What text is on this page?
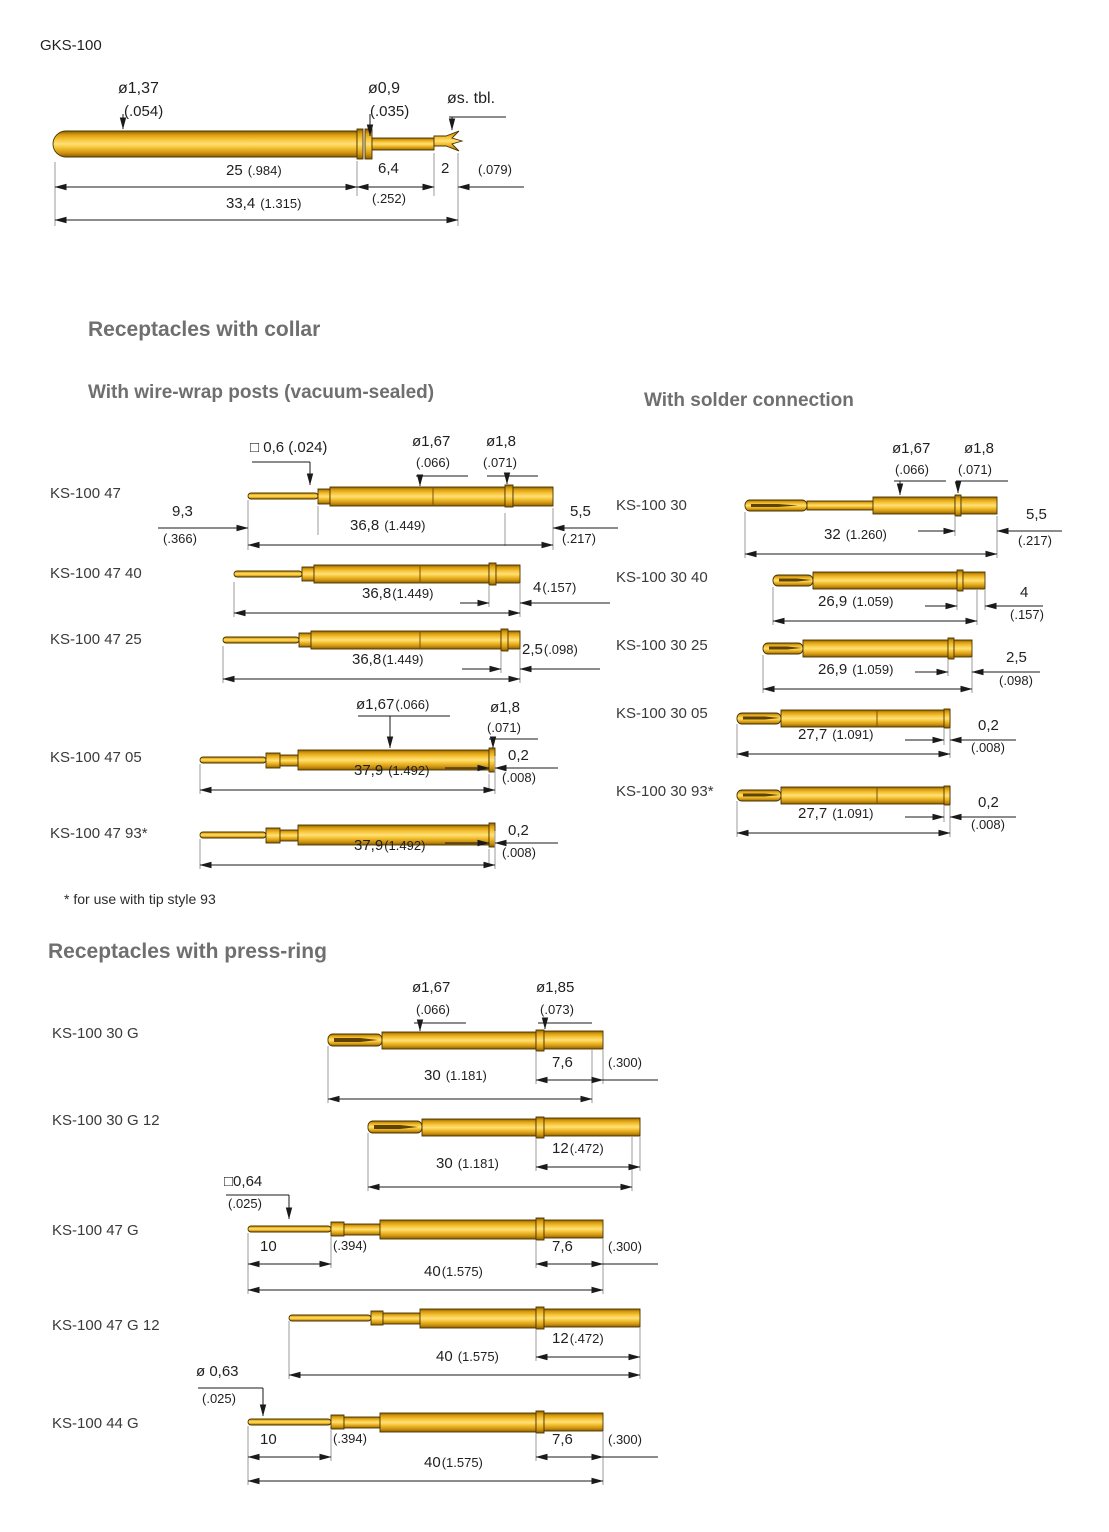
GKS-100
ø1,37
(.054)
ø0,9
(.035)
øs. tbl.
25 (.984)	6,4
(.252)
2 (.079)
33,4 (1.315)
Receptacles with collar
With wire-wrap posts (vacuum-sealed)	With solder connection
KS-100 47
□ 0,6 (.024)	ø1,67
(.066)
ø1,8
(.071)
9,3
(.366)
36,8 (1.449)
5,5
(.217)
KS-100 47 40
36,8(1.449)	4(.157)
KS-100 47 25
36,8(1.449)
2,5(.098)
KS-100 47 05
ø1,67(.066)	ø1,8
(.071)
37,9 (1.492)
0,2
(.008)
KS-100 47 93*
37,9(1.492)
0,2
(.008)
* for use with tip style 93
KS-100 30
ø1,67
(.066)
ø1,8
(.071)
32 (1.260)
5,5
(.217)
KS-100 30 40
26,9 (1.059)
4
(.157)
KS-100 30 25
26,9 (1.059)
2,5
(.098)
KS-100 30 05
27,7 (1.091)
0,2
(.008)
KS-100 30 93*
27,7 (1.091)
0,2
(.008)
Receptacles with press-ring
KS-100 30 G
ø1,67
(.066)
ø1,85
(.073)
7,6	(.300)
30 (1.181)
KS-100 30 G 12
12(.472)
30 (1.181)
KS-100 47 G
□0,64
(.025)
10	(.394)	7,6	(.300)
40(1.575)
KS-100 47 G 12
12(.472)
40 (1.575)
KS-100 44 G
ø 0,63
(.025)
10	(.394)	7,6	(.300)
40(1.575)
